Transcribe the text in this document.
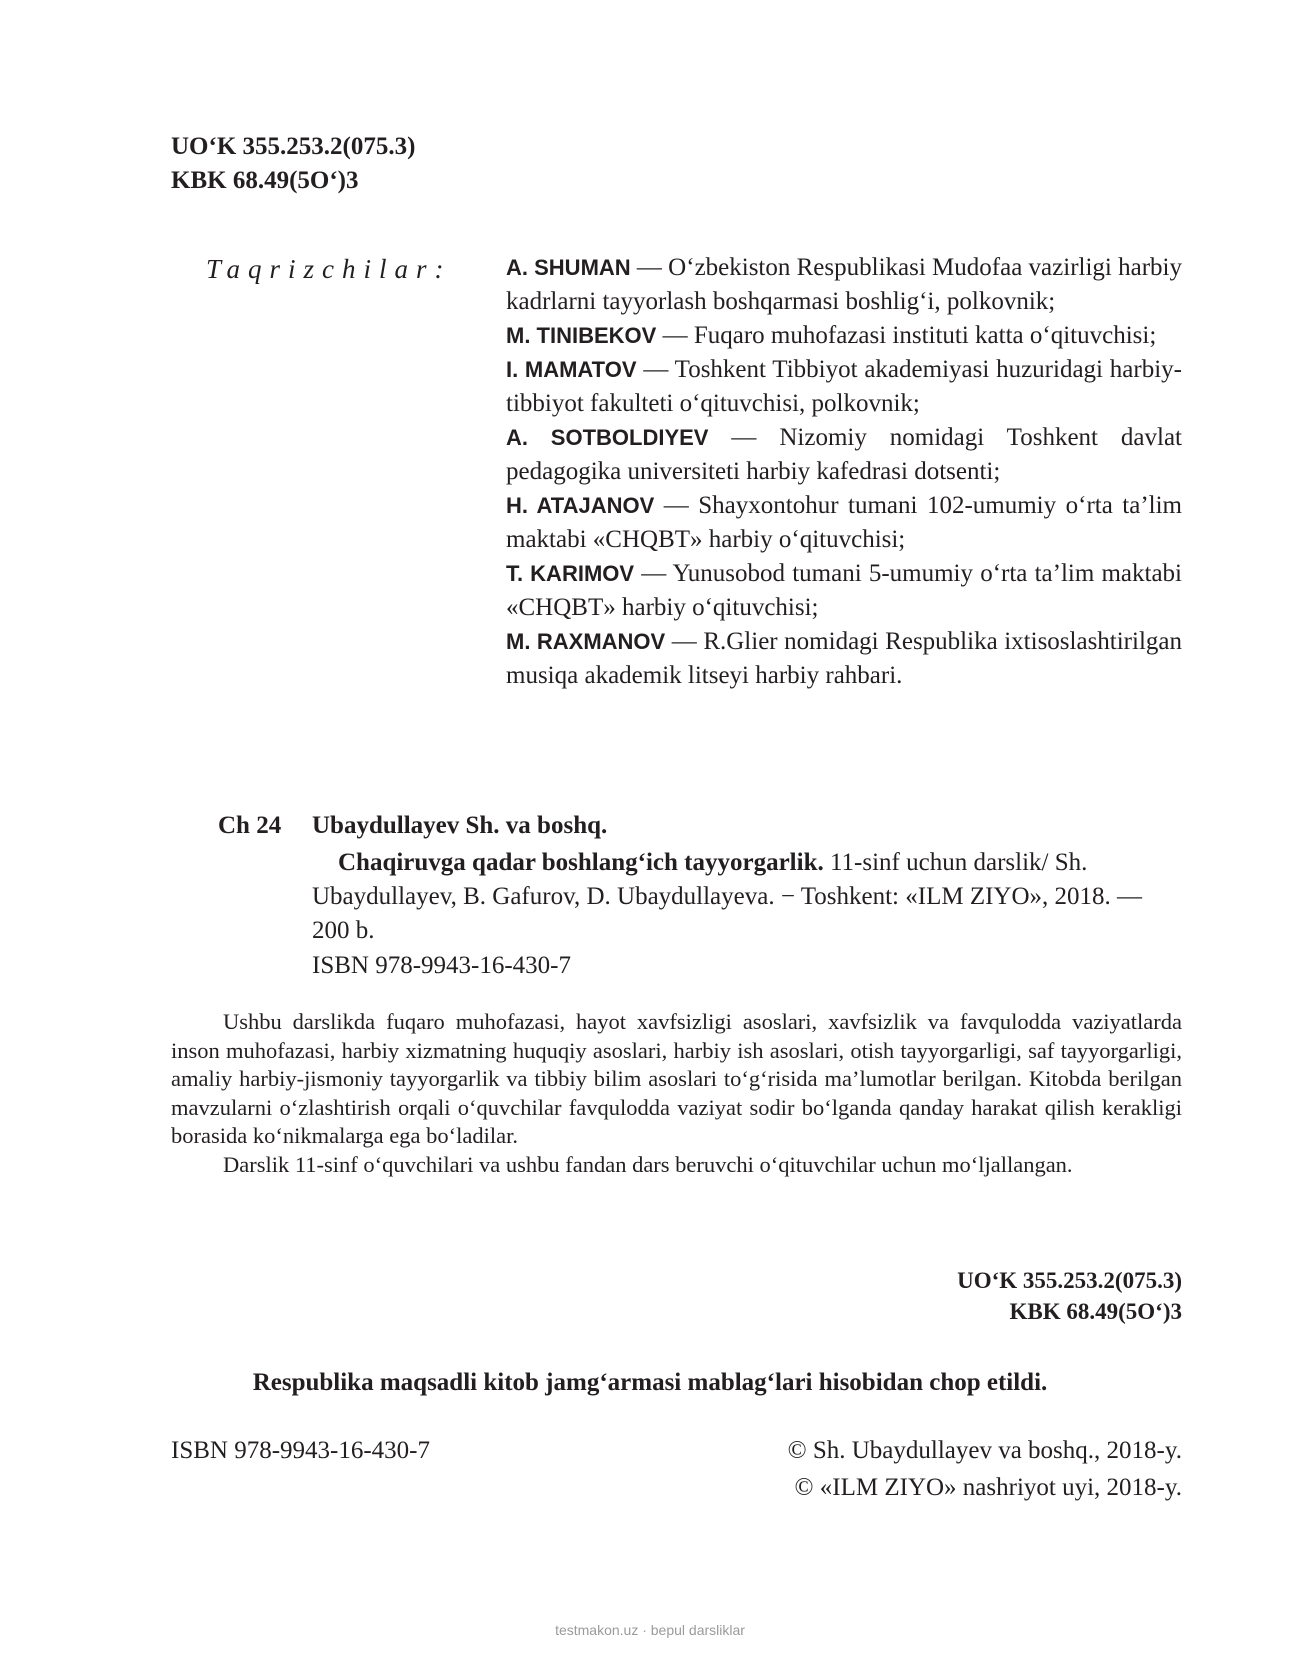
UO‘K 355.253.2(075.3)
KBK 68.49(5O‘)3
Taqrizchilar: A. SHUMAN — O‘zbekiston Respublikasi Mudofaa vazirligi harbiy kadrlarni tayyorlash boshqarmasi boshlig‘i, polkovnik;

M. TINIBEKOV — Fuqaro muhofazasi instituti katta o‘qituvchisi;

I. MAMATOV — Toshkent Tibbiyot akademiyasi huzuridagi harbiy-tibbiyot fakulteti o‘qituvchisi, polkovnik;

A. SOTBOLDIYEV — Nizomiy nomidagi Toshkent davlat pedagogika universiteti harbiy kafedrasi dotsenti;

H. ATAJANOV — Shayxontohur tumani 102-umumiy o‘rta ta’lim maktabi «CHQBT» harbiy o‘qituvchisi;

T. KARIMOV — Yunusobod tumani 5-umumiy o‘rta ta’lim maktabi «CHQBT» harbiy o‘qituvchisi;

M. RAXMANOV — R.Glier nomidagi Respublika ixtisoslashtirilgan musiqa akademik litseyi harbiy rahbari.

Ch 24 Ubaydullayev Sh. va boshq.
Chaqiruvga qadar boshlang‘ich tayyorgarlik. 11-sinf uchun darslik/ Sh. Ubaydullayev, B. Gafurov, D. Ubaydullayeva. − Toshkent: «ILM ZIYO», 2018. — 200 b.
ISBN 978-9943-16-430-7

Ushbu darslikda fuqaro muhofazasi, hayot xavfsizligi asoslari, xavfsizlik va favqulodda vaziyatlarda inson muhofazasi, harbiy xizmatning huquqiy asoslari, harbiy ish asoslari, otish tayyorgarligi, saf tayyorgarligi, amaliy harbiy-jismoniy tayyorgarlik va tibbiy bilim asoslari to‘g‘risida ma’lumotlar berilgan. Kitobda berilgan mavzularni o‘zlashtirish orqali o‘quvchilar favqulodda vaziyat sodir bo‘lganda qanday harakat qilish kerakligi borasida ko‘nikmalarga ega bo‘ladilar.

Darslik 11-sinf o‘quvchilari va ushbu fandan dars beruvchi o‘qituvchilar uchun mo‘ljallangan.

UO‘K 355.253.2(075.3)
KBK 68.49(5O‘)3
Respublika maqsadli kitob jamg‘armasi mablag‘lari hisobidan chop etildi.
ISBN 978-9943-16-430-7	© Sh. Ubaydullayev va boshq., 2018-y.
© «ILM ZIYO» nashriyot uyi, 2018-y.
testmakon.uz · bepul darsliklar
